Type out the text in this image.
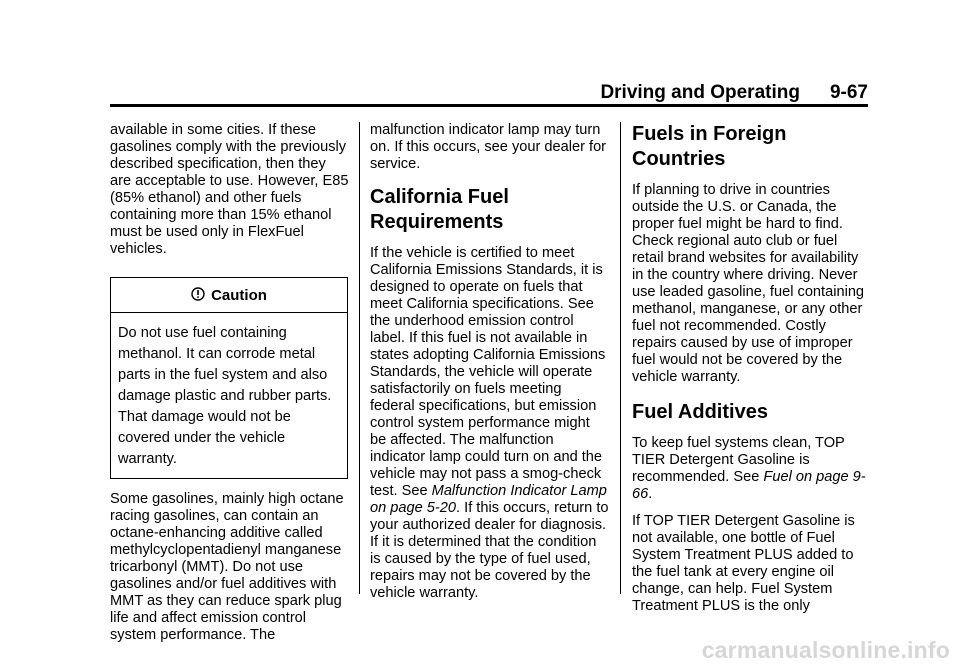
Driving and Operating 9-67

available in some cities. If these gasolines comply with the previously described specification, then they are acceptable to use. However, E85 (85% ethanol) and other fuels containing more than 15% ethanol must be used only in FlexFuel vehicles.

Caution
Do not use fuel containing methanol. It can corrode metal parts in the fuel system and also damage plastic and rubber parts. That damage would not be covered under the vehicle warranty.

Some gasolines, mainly high octane racing gasolines, can contain an octane-enhancing additive called methylcyclopentadienyl manganese tricarbonyl (MMT). Do not use gasolines and/or fuel additives with MMT as they can reduce spark plug life and affect emission control system performance. The

malfunction indicator lamp may turn on. If this occurs, see your dealer for service.

California Fuel Requirements

If the vehicle is certified to meet California Emissions Standards, it is designed to operate on fuels that meet California specifications. See the underhood emission control label. If this fuel is not available in states adopting California Emissions Standards, the vehicle will operate satisfactorily on fuels meeting federal specifications, but emission control system performance might be affected. The malfunction indicator lamp could turn on and the vehicle may not pass a smog-check test. See Malfunction Indicator Lamp on page 5-20. If this occurs, return to your authorized dealer for diagnosis. If it is determined that the condition is caused by the type of fuel used, repairs may not be covered by the vehicle warranty.

Fuels in Foreign Countries

If planning to drive in countries outside the U.S. or Canada, the proper fuel might be hard to find. Check regional auto club or fuel retail brand websites for availability in the country where driving. Never use leaded gasoline, fuel containing methanol, manganese, or any other fuel not recommended. Costly repairs caused by use of improper fuel would not be covered by the vehicle warranty.

Fuel Additives

To keep fuel systems clean, TOP TIER Detergent Gasoline is recommended. See Fuel on page 9-66.

If TOP TIER Detergent Gasoline is not available, one bottle of Fuel System Treatment PLUS added to the fuel tank at every engine oil change, can help. Fuel System Treatment PLUS is the only

carmanualsonline.info
